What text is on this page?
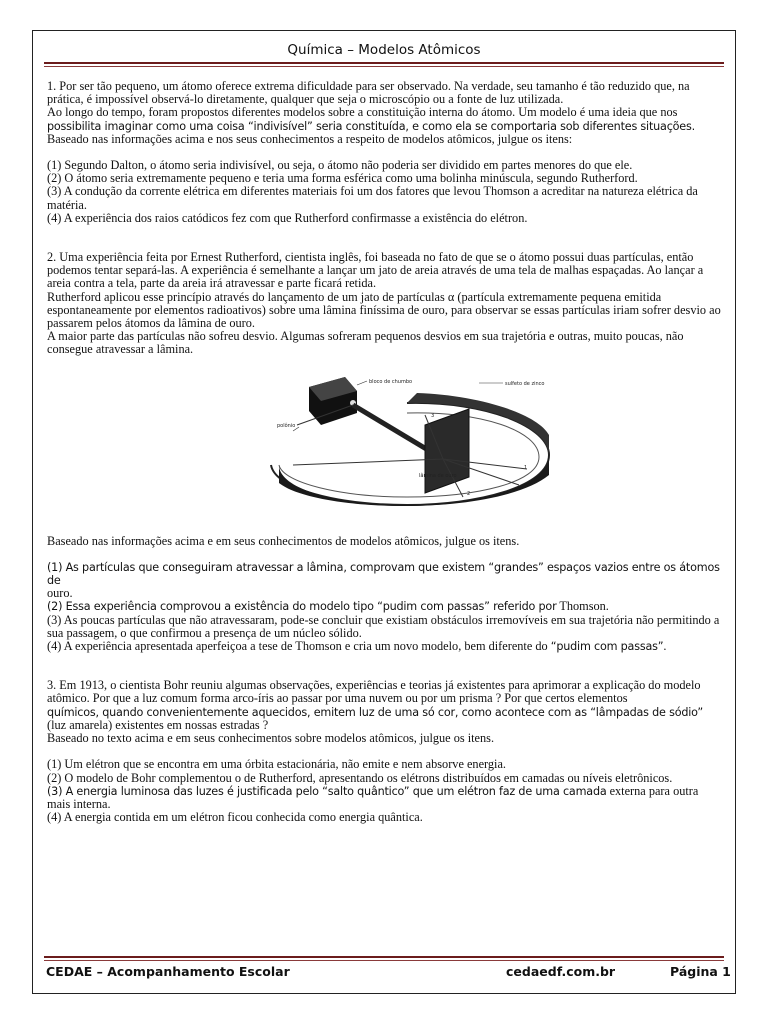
Química – Modelos Atômicos

1. Por ser tão pequeno, um átomo oferece extrema dificuldade para ser observado. Na verdade, seu tamanho é tão reduzido que, na prática, é impossível observá-lo diretamente, qualquer que seja o microscópio ou a fonte de luz utilizada.

Ao longo do tempo, foram propostos diferentes modelos sobre a constituição interna do átomo. Um modelo é uma ideia que nos

possibilita imaginar como uma coisa “indivisível” seria constituída, e como ela se comportaria sob diferentes situações.

Baseado nas informações acima e nos seus conhecimentos a respeito de modelos atômicos, julgue os itens:

(1) Segundo Dalton, o átomo seria indivisível, ou seja, o átomo não poderia ser dividido em partes menores do que ele.

(2) O átomo seria extremamente pequeno e teria uma forma esférica como uma bolinha minúscula, segundo Rutherford.

(3) A condução da corrente elétrica em diferentes materiais foi um dos fatores que levou Thomson a acreditar na natureza elétrica da matéria.

(4) A experiência dos raios catódicos fez com que Rutherford confirmasse a existência do elétron.

2. Uma experiência feita por Ernest Rutherford, cientista inglês, foi baseada no fato de que se o átomo possui duas partículas, então podemos tentar separá-las. A experiência é semelhante a lançar um jato de areia através de uma tela de malhas espaçadas. Ao lançar a areia contra a tela, parte da areia irá atravessar e parte ficará retida.

Rutherford aplicou esse princípio através do lançamento de um jato de partículas α (partícula extremamente pequena emitida espontaneamente por elementos radioativos) sobre uma lâmina finíssima de ouro, para observar se essas partículas iriam sofrer desvio ao passarem pelos átomos da lâmina de ouro.

A maior parte das partículas não sofreu desvio. Algumas sofreram pequenos desvios em sua trajetória e outras, muito poucas, não consegue atravessar a lâmina.

bloco de chumbo	sulfeto de zinco
polônio
lâmina de ouro
1
2
3

Baseado nas informações acima e em seus conhecimentos de modelos atômicos, julgue os itens.

(1) As partículas que conseguiram atravessar a lâmina, comprovam que existem “grandes” espaços vazios entre os átomos de

ouro.

(2) Essa experiência comprovou a existência do modelo tipo “pudim com passas” referido por Thomson.

(3) As poucas partículas que não atravessaram, pode-se concluir que existiam obstáculos irremovíveis em sua trajetória não permitindo a sua passagem, o que confirmou a presença de um núcleo sólido.

(4) A experiência apresentada aperfeiçoa a tese de Thomson e cria um novo modelo, bem diferente do “pudim com passas”.

3. Em 1913, o cientista Bohr reuniu algumas observações, experiências e teorias já existentes para aprimorar a explicação do modelo atômico. Por que a luz comum forma arco-íris ao passar por uma nuvem ou por um prisma ? Por que certos elementos

químicos, quando convenientemente aquecidos, emitem luz de uma só cor, como acontece com as “lâmpadas de sódio” (luz amarela) existentes em nossas estradas ?

Baseado no texto acima e em seus conhecimentos sobre modelos atômicos, julgue os itens.

(1) Um elétron que se encontra em uma órbita estacionária, não emite e nem absorve energia.

(2) O modelo de Bohr complementou o de Rutherford, apresentando os elétrons distribuídos em camadas ou níveis eletrônicos.

(3) A energia luminosa das luzes é justificada pelo “salto quântico” que um elétron faz de uma camada externa para outra mais interna.

(4) A energia contida em um elétron ficou conhecida como energia quântica.

CEDAE – Acompanhamento Escolar	cedaedf.com.br	Página 1
